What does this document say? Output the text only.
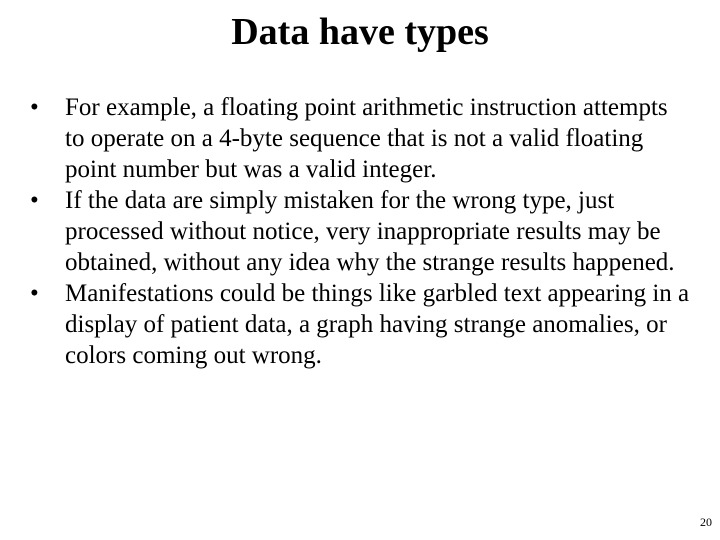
Data have types
•	For example, a floating point arithmetic instruction attempts to operate on a 4-byte sequence that is not a valid floating point number but was a valid integer.
•	If the data are simply mistaken for the wrong type, just processed without notice, very inappropriate results may be obtained, without any idea why the strange results happened.
•	Manifestations could be things like garbled text appearing in a display of patient data, a graph having strange anomalies, or colors coming out wrong.
20
